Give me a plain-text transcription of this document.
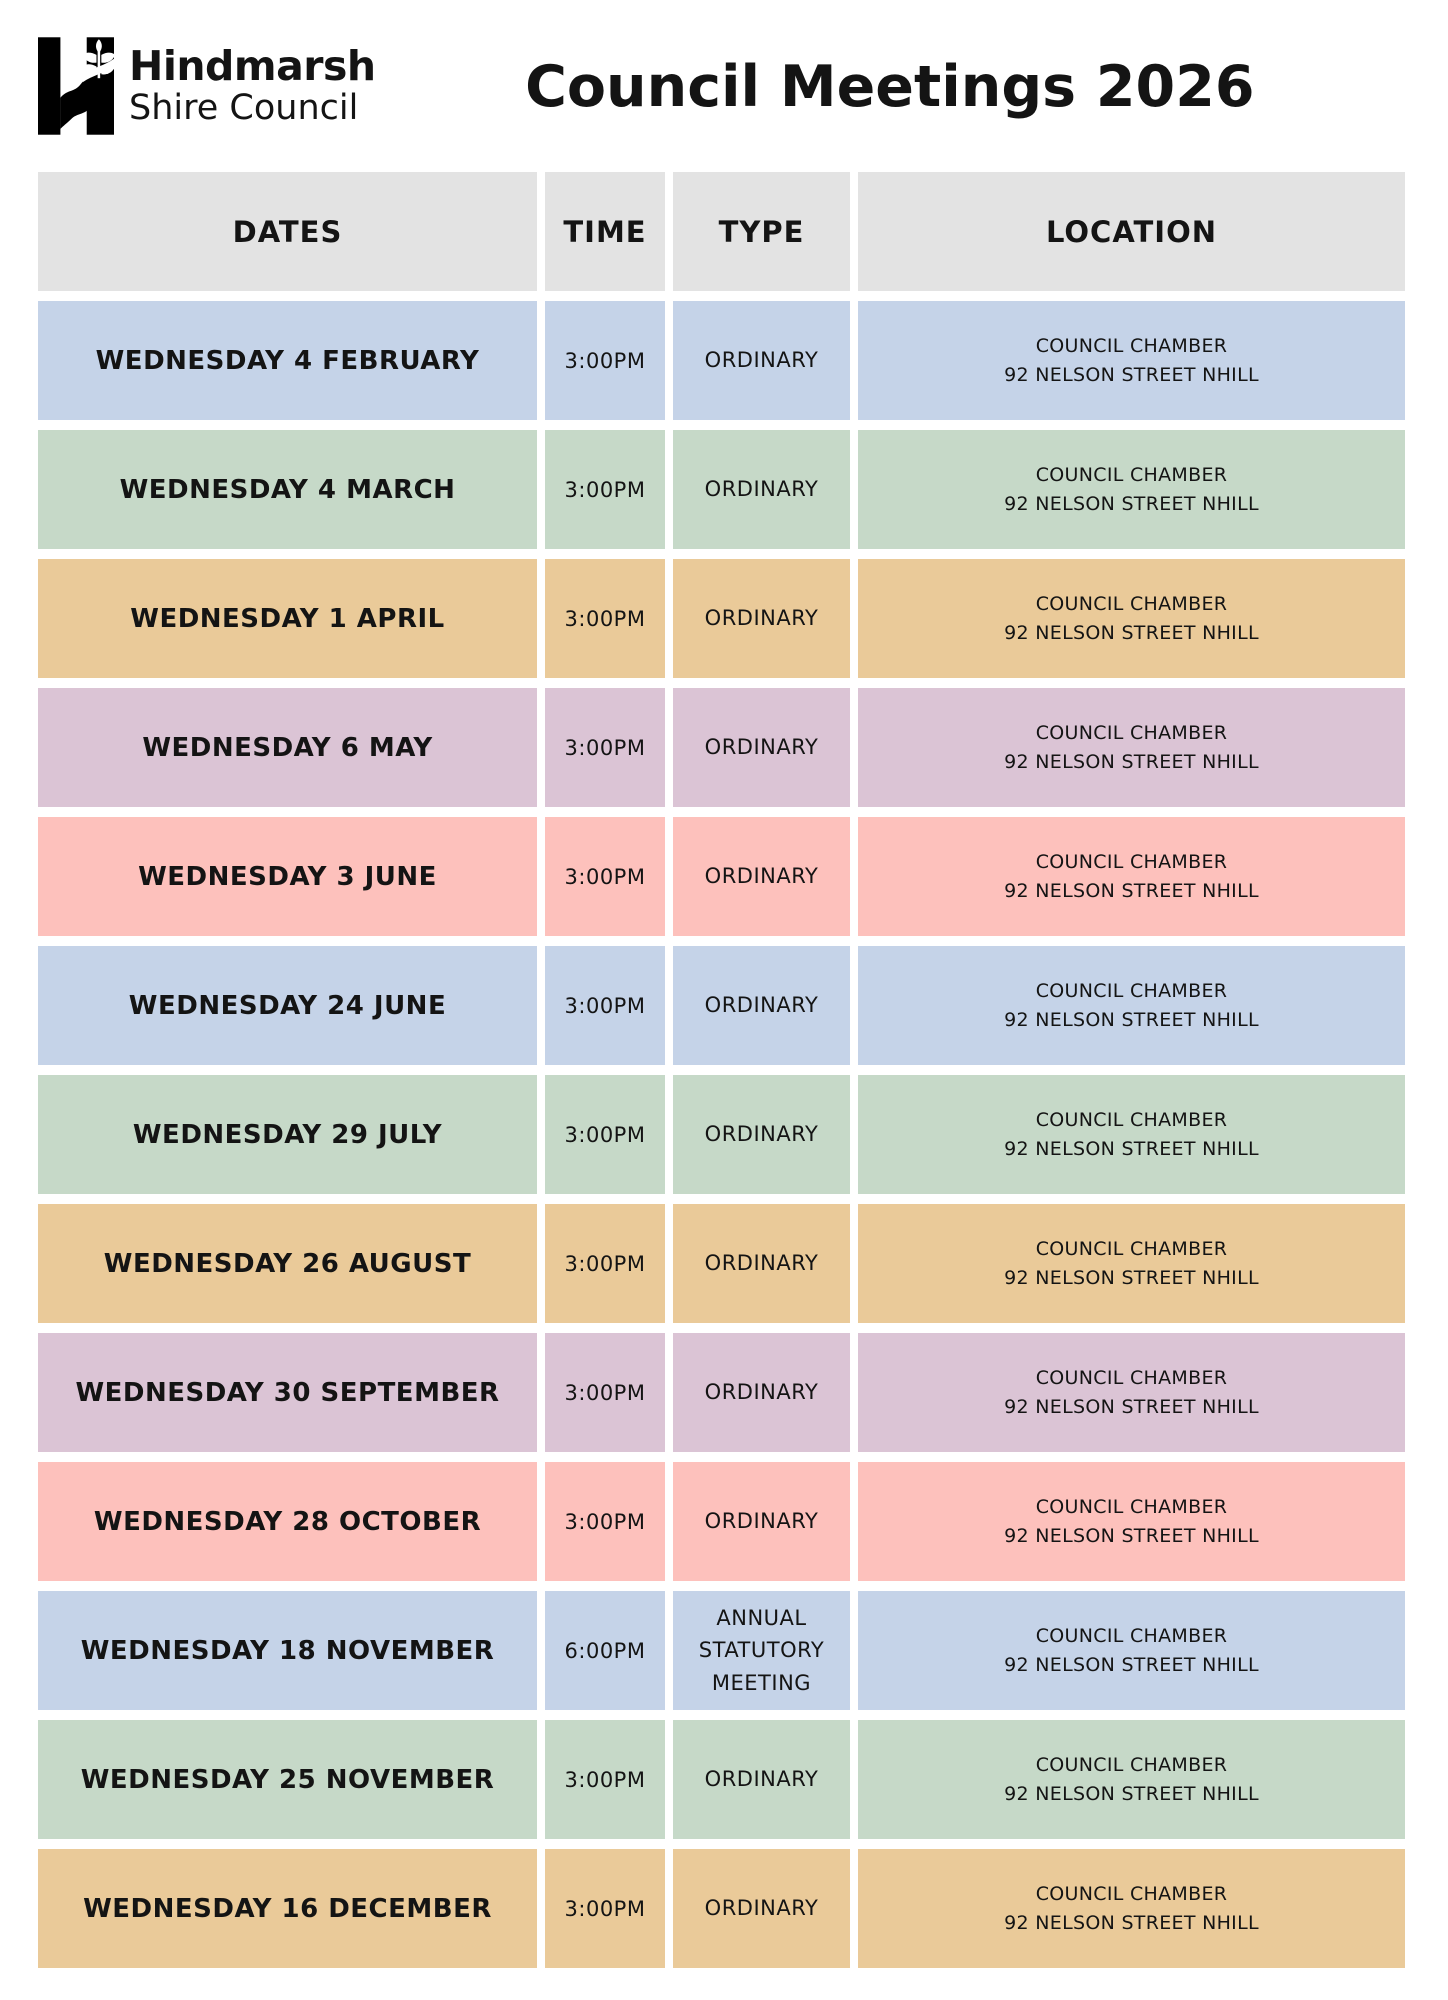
Hindmarsh
Shire Council	Council Meetings 2026
DATES	TIME	TYPE	LOCATION
WEDNESDAY 4 FEBRUARY	3:00PM	ORDINARY
COUNCIL CHAMBER
92 NELSON STREET NHILL
WEDNESDAY 4 MARCH	3:00PM	ORDINARY
COUNCIL CHAMBER
92 NELSON STREET NHILL
WEDNESDAY 1 APRIL	3:00PM	ORDINARY
COUNCIL CHAMBER
92 NELSON STREET NHILL
WEDNESDAY 6 MAY	3:00PM	ORDINARY
COUNCIL CHAMBER
92 NELSON STREET NHILL
WEDNESDAY 3 JUNE	3:00PM	ORDINARY
COUNCIL CHAMBER
92 NELSON STREET NHILL
WEDNESDAY 24 JUNE	3:00PM	ORDINARY
COUNCIL CHAMBER
92 NELSON STREET NHILL
WEDNESDAY 29 JULY	3:00PM	ORDINARY
COUNCIL CHAMBER
92 NELSON STREET NHILL
WEDNESDAY 26 AUGUST	3:00PM	ORDINARY
COUNCIL CHAMBER
92 NELSON STREET NHILL
WEDNESDAY 30 SEPTEMBER	3:00PM	ORDINARY
COUNCIL CHAMBER
92 NELSON STREET NHILL
WEDNESDAY 28 OCTOBER	3:00PM	ORDINARY
COUNCIL CHAMBER
92 NELSON STREET NHILL
WEDNESDAY 18 NOVEMBER	6:00PM
ANNUAL STATUTORY MEETING
COUNCIL CHAMBER
92 NELSON STREET NHILL
WEDNESDAY 25 NOVEMBER	3:00PM	ORDINARY
COUNCIL CHAMBER
92 NELSON STREET NHILL
WEDNESDAY 16 DECEMBER	3:00PM	ORDINARY
COUNCIL CHAMBER
92 NELSON STREET NHILL
